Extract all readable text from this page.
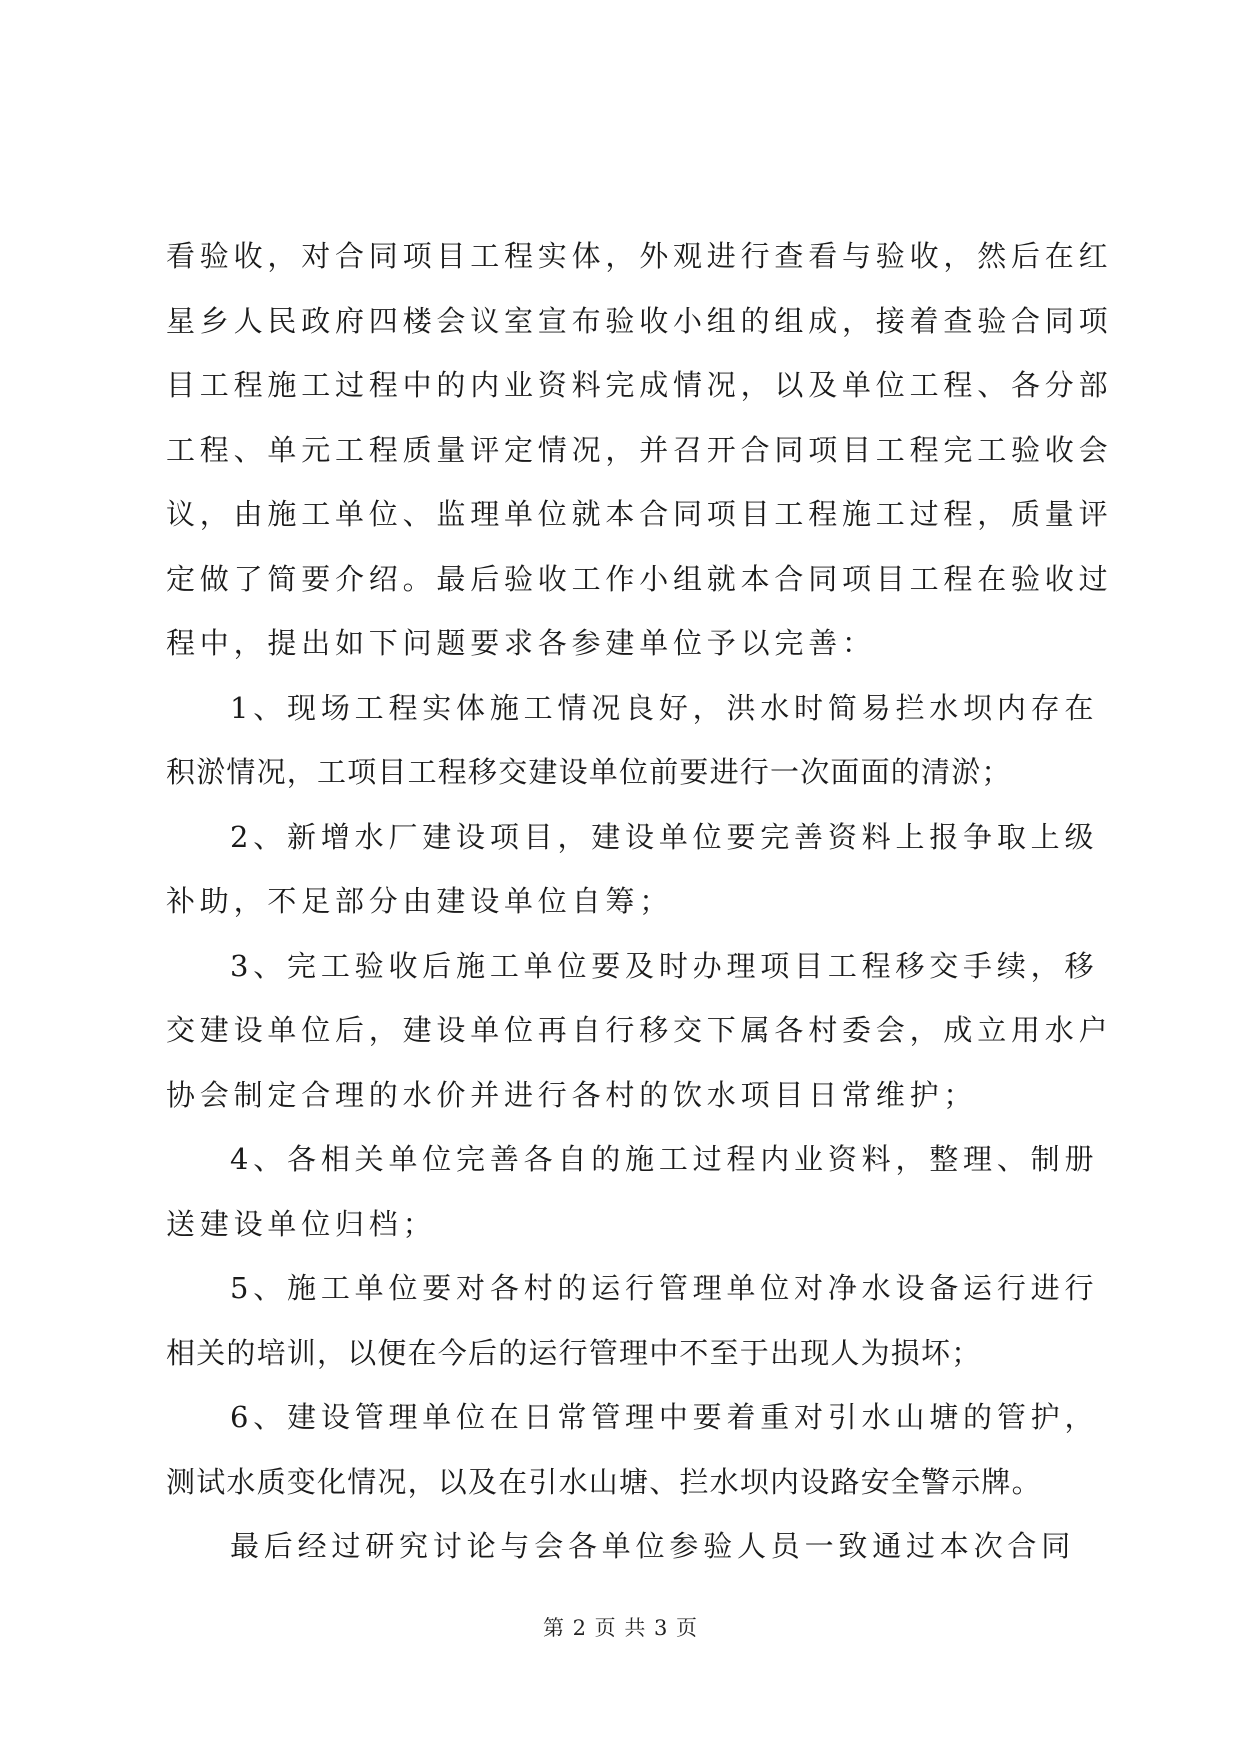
看验收，对合同项目工程实体，外观进行查看与验收，然后在红
星乡人民政府四楼会议室宣布验收小组的组成，接着查验合同项
目工程施工过程中的内业资料完成情况，以及单位工程、各分部
工程、单元工程质量评定情况，并召开合同项目工程完工验收会
议，由施工单位、监理单位就本合同项目工程施工过程，质量评
定做了简要介绍。最后验收工作小组就本合同项目工程在验收过
程中，提出如下问题要求各参建单位予以完善：
1、现场工程实体施工情况良好，洪水时简易拦水坝内存在
积淤情况，工项目工程移交建设单位前要进行一次面面的清淤；
2、新增水厂建设项目，建设单位要完善资料上报争取上级
补助，不足部分由建设单位自筹；
3、完工验收后施工单位要及时办理项目工程移交手续，移
交建设单位后，建设单位再自行移交下属各村委会，成立用水户
协会制定合理的水价并进行各村的饮水项目日常维护；
4、各相关单位完善各自的施工过程内业资料，整理、制册
送建设单位归档；
5、施工单位要对各村的运行管理单位对净水设备运行进行
相关的培训，以便在今后的运行管理中不至于出现人为损坏；
6、建设管理单位在日常管理中要着重对引水山塘的管护，
测试水质变化情况，以及在引水山塘、拦水坝内设路安全警示牌。
最后经过研究讨论与会各单位参验人员一致通过本次合同
第 2 页 共 3 页
